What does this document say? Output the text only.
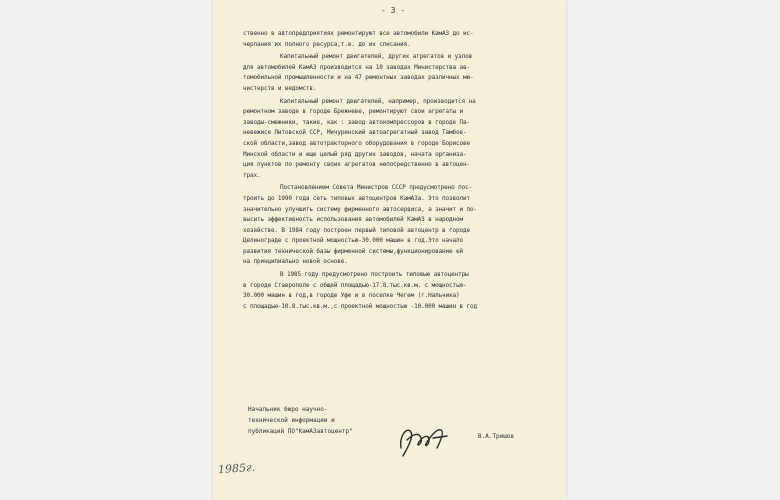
- 3 -
ственно в автопредприятиях ремонтируют все автомобили КамАЗ до ис-
черпания их полного ресурса,т.е. до их списания.
Капитальный ремонт двигателей, других агрегатов и узлов
для автомобилей КамАЗ производится на 10 заводах Министерства ав-
томобильной промышленности и на 47 ремонтных заводах различных ми-
нистерств и ведомств.
Капитальный ремонт двигателей, например, производится на
ремонтном заводе в городе Брежневе, ремонтируют свои агрегаты и
заводы-смежники, такие, как : завод автокомпрессоров в городе Па-
невежисе Литовской ССР, Мичуринский автоагрегатный завод Тамбов-
ской области,завод автотракторного оборудования в городе Борисове
Минской области и еще целый ряд других заводов, начата организа-
ция пунктов по ремонту своих агрегатов непосредственно в автоцен-
трах.
Постановлением Совета Министров СССР предусмотрено пос-
троить до 1990 года сеть типовых автоцентров КамАЗа. Это позволит
значительно улучшить систему фирменного автосервиса, а значит и по-
высить эффективность использования автомобилей КамАЗ в народном
хозяйстве. В 1984 году построен первый типовой автоцентр в городе
Целинограде с проектной мощностью-30.000 машин в год.Это начало
развития технической базы фирменной системы,функционирование ей
на принципиально новой основе.
В 1985 году предусмотрено построить типовые автоцентры
в городе Ставрополе с общей площадью-17.8.тыс.кв.м. с мощностью-
30.000 машин в год,в городе Уфе и в поселке Чегем (г.Нальчика)
с площадью-10.8.тыс.кв.м.,с проектной мощностью -10.000 машин в год
Начальник бюро научно-
технической информации и
публикаций ПО"КамАЗавтоцентр"
В.А.Тришов
1985г.
